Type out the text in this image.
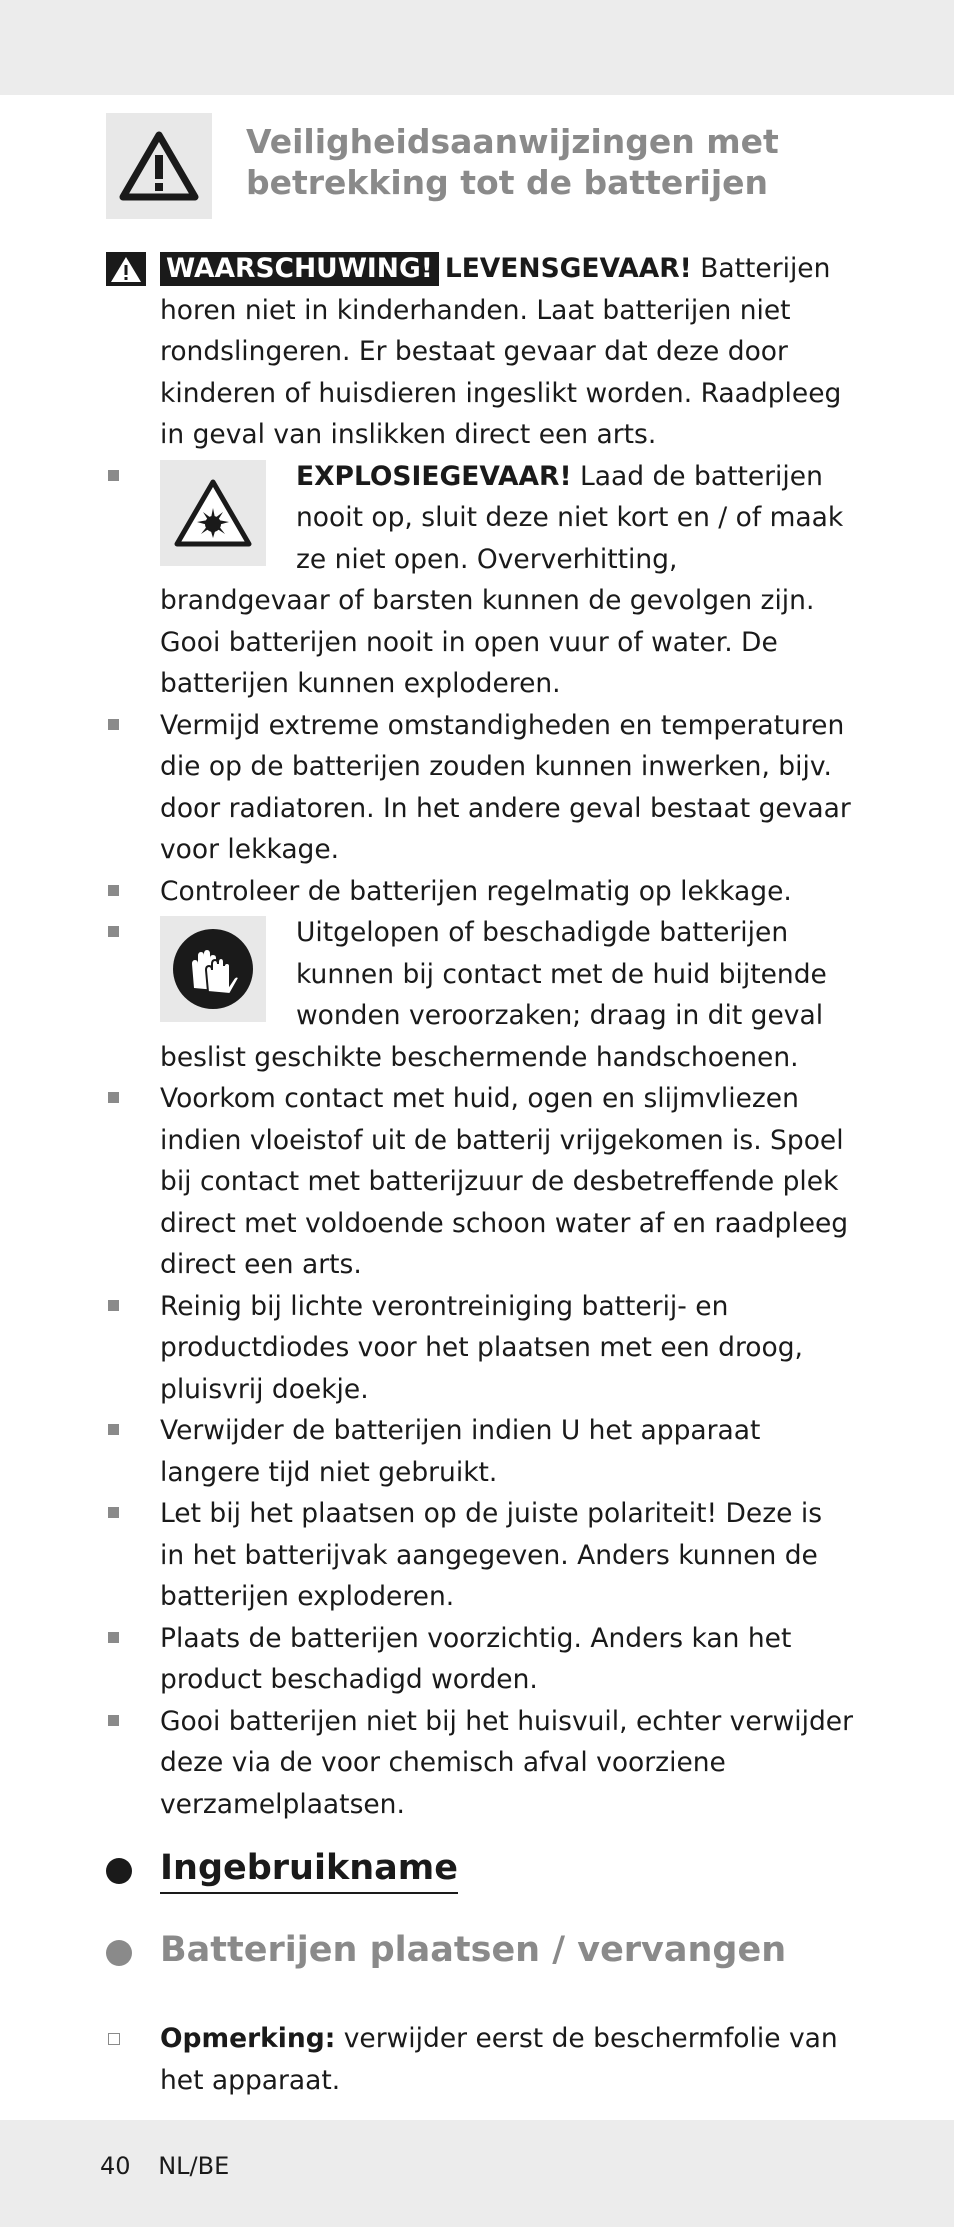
Veiligheidsaanwijzingen met betrekking tot de batterijen
WAARSCHUWING! LEVENSGEVAAR! Batterijen horen niet in kinderhanden. Laat batterijen niet rondslingeren. Er bestaat gevaar dat deze door kinderen of huisdieren ingeslikt worden. Raadpleeg in geval van inslikken direct een arts.
EXPLOSIEGEVAAR! Laad de batterijen nooit op, sluit deze niet kort en / of maak ze niet open. Oververhitting, brandgevaar of barsten kunnen de gevolgen zijn. Gooi batterijen nooit in open vuur of water. De batterijen kunnen exploderen.
Vermijd extreme omstandigheden en temperaturen die op de batterijen zouden kunnen inwerken, bijv. door radiatoren. In het andere geval bestaat gevaar voor lekkage.
Controleer de batterijen regelmatig op lekkage.
Uitgelopen of beschadigde batterijen kunnen bij contact met de huid bijtende wonden veroorzaken; draag in dit geval beslist geschikte beschermende handschoenen.
Voorkom contact met huid, ogen en slijmvliezen indien vloeistof uit de batterij vrijgekomen is. Spoel bij contact met batterijzuur de desbetreffende plek direct met voldoende schoon water af en raadpleeg direct een arts.
Reinig bij lichte verontreiniging batterij- en productdiodes voor het plaatsen met een droog, pluisvrij doekje.
Verwijder de batterijen indien U het apparaat langere tijd niet gebruikt.
Let bij het plaatsen op de juiste polariteit! Deze is in het batterijvak aangegeven. Anders kunnen de batterijen exploderen.
Plaats de batterijen voorzichtig. Anders kan het product beschadigd worden.
Gooi batterijen niet bij het huisvuil, echter verwijder deze via de voor chemisch afval voorziene verzamelplaatsen.
Ingebruikname
Batterijen plaatsen / vervangen
Opmerking: verwijder eerst de beschermfolie van het apparaat.
40 NL/BE
